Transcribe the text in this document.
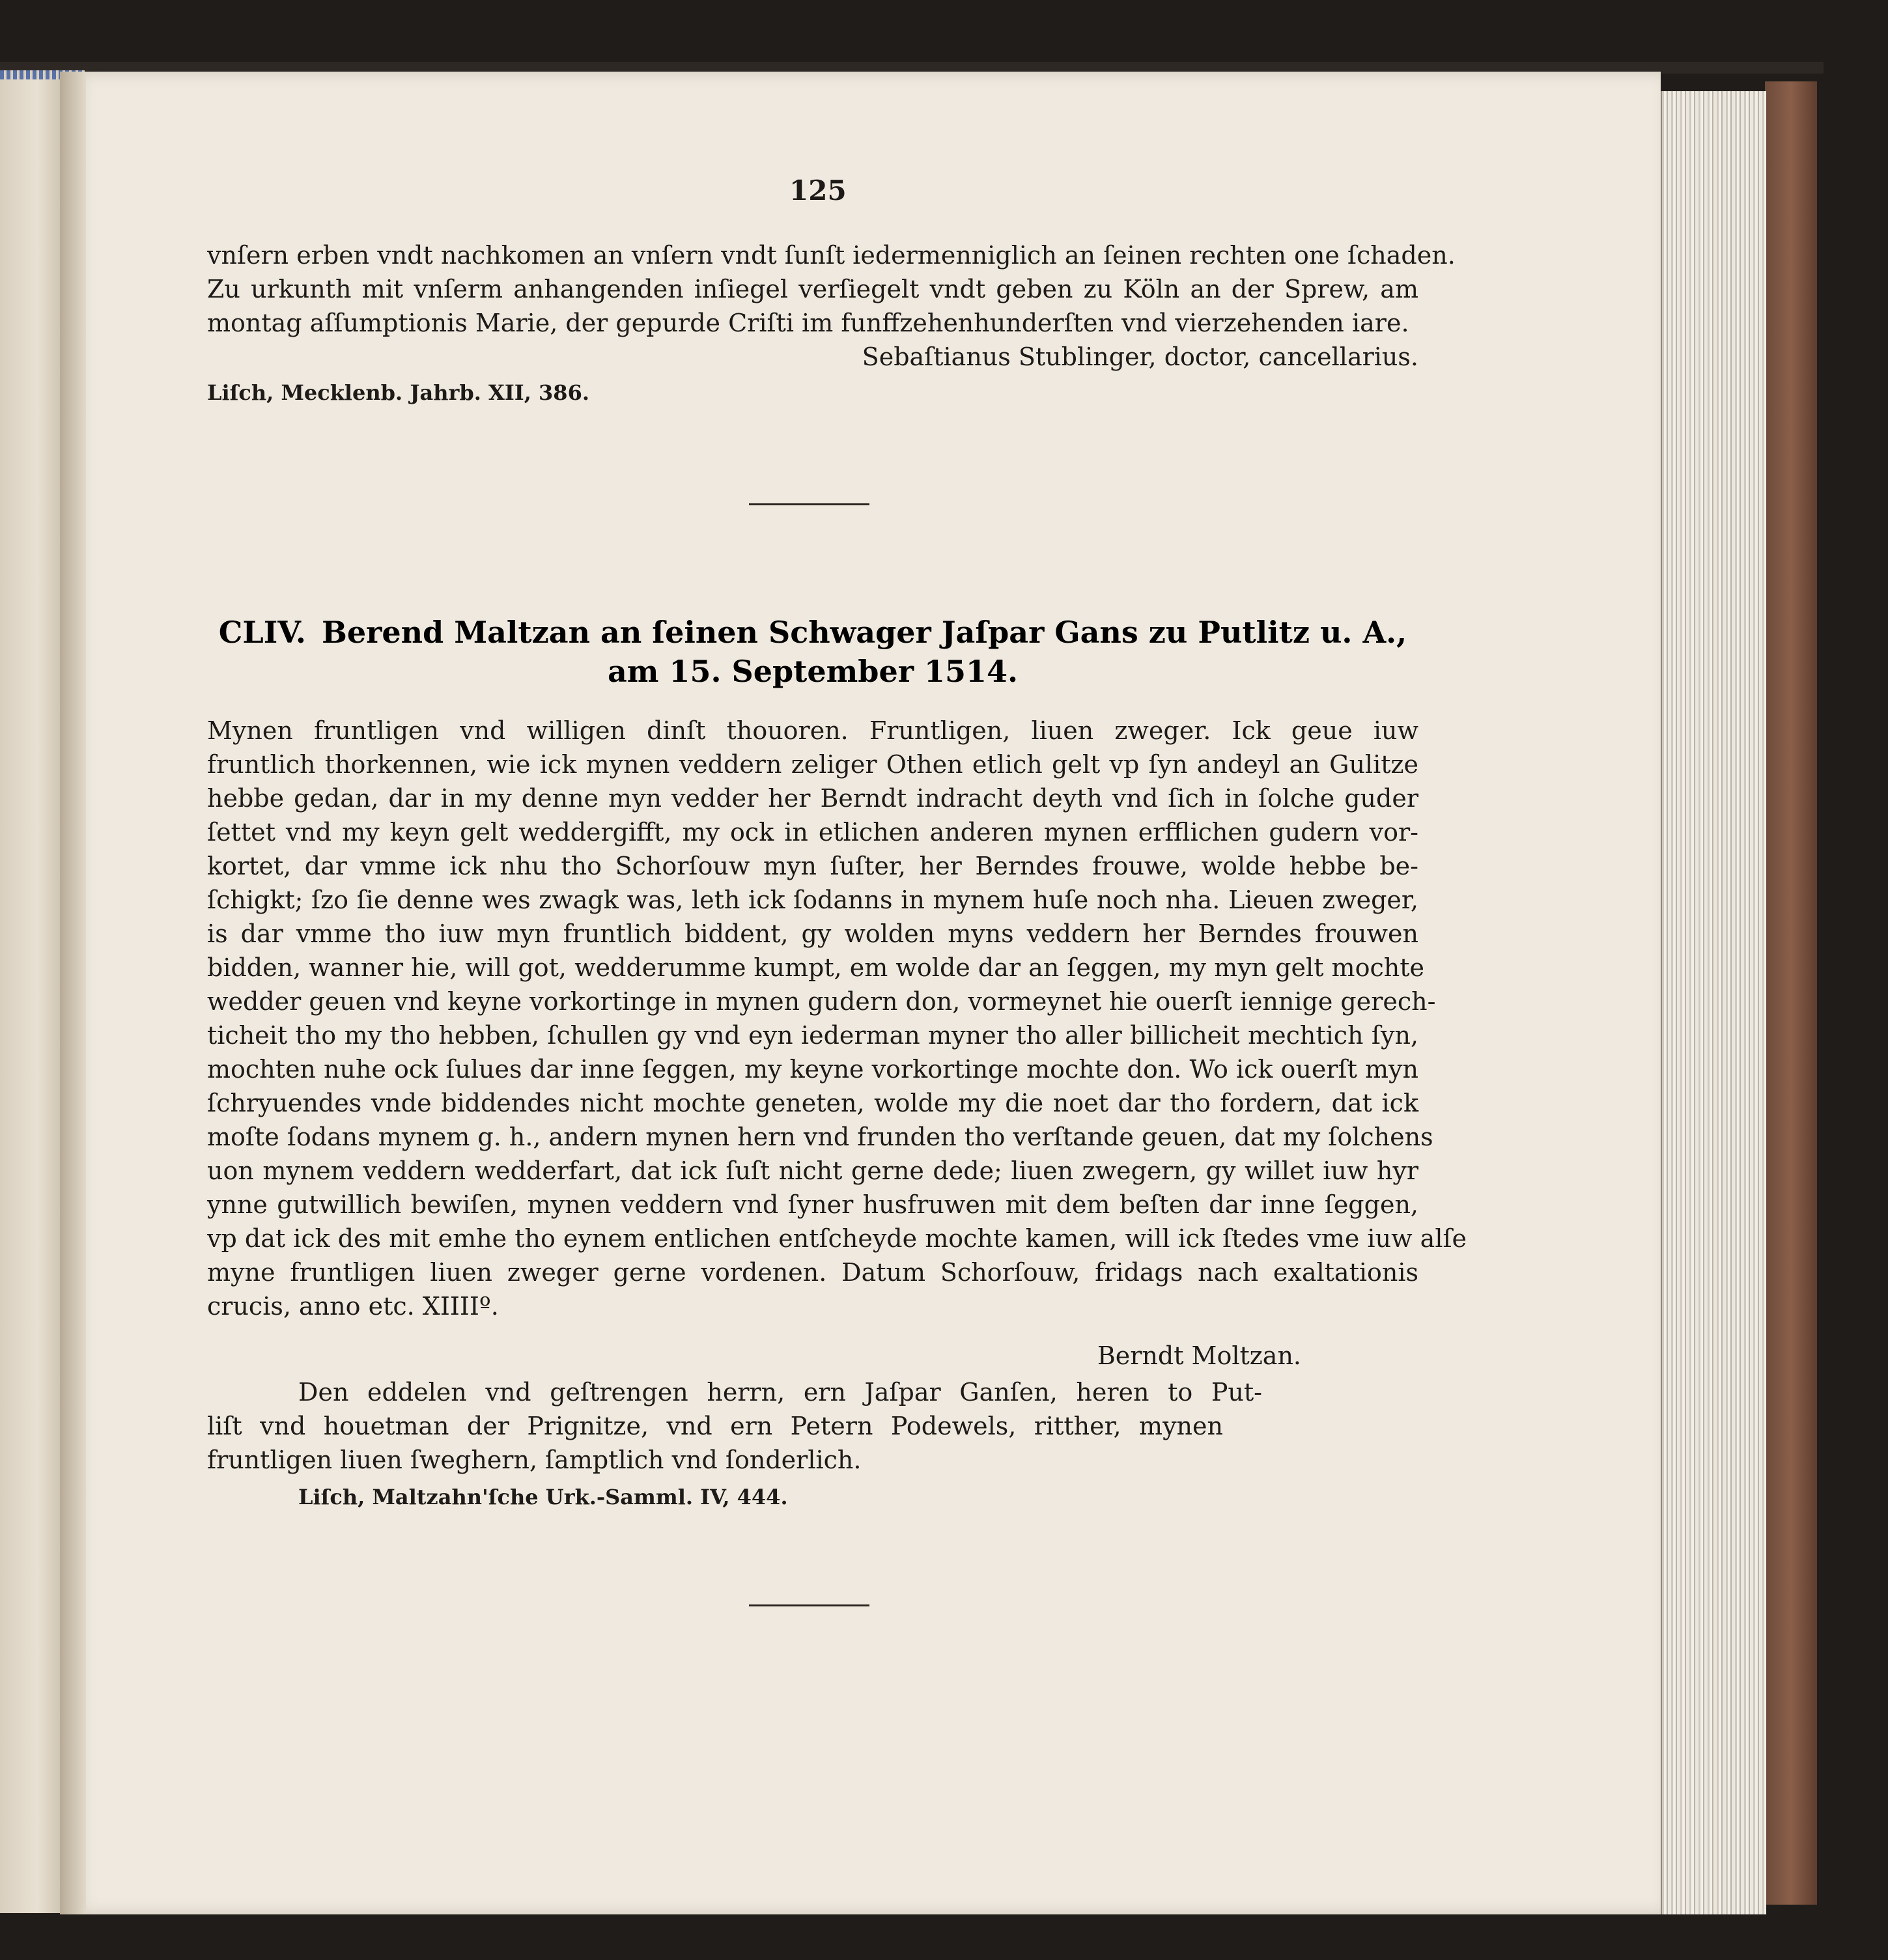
125
vnſern erben vndt nachkomen an vnſern vndt ſunſt iedermenniglich an ſeinen rechten one ſchaden.
Zu urkunth mit vnſerm anhangenden inſiegel verſiegelt vndt geben zu Köln an der Sprew, am
montag aſſumptionis Marie, der gepurde Criſti im funffzehenhunderſten vnd vierzehenden iare.
Sebaſtianus Stublinger, doctor, cancellarius.
Liſch, Mecklenb. Jahrb. XII, 386.
CLIV. Berend Maltzan an ſeinen Schwager Jaſpar Gans zu Putlitz u. A.,
am 15. September 1514.
Mynen fruntligen vnd willigen dinſt thouoren. Fruntligen, liuen zweger. Ick geue iuw
fruntlich thorkennen, wie ick mynen veddern zeliger Othen etlich gelt vp ſyn andeyl an Gulitze
hebbe gedan, dar in my denne myn vedder her Berndt indracht deyth vnd ſich in ſolche guder
ſettet vnd my keyn gelt weddergifft, my ock in etlichen anderen mynen erfflichen gudern vor-
kortet, dar vmme ick nhu tho Schorſouw myn ſuſter, her Berndes frouwe, wolde hebbe be-
ſchigkt; ſzo ſie denne wes zwagk was, leth ick ſodanns in mynem huſe noch nha. Lieuen zweger,
is dar vmme tho iuw myn fruntlich biddent, gy wolden myns veddern her Berndes frouwen
bidden, wanner hie, will got, wedderumme kumpt, em wolde dar an ſeggen, my myn gelt mochte
wedder geuen vnd keyne vorkortinge in mynen gudern don, vormeynet hie ouerſt iennige gerech-
ticheit tho my tho hebben, ſchullen gy vnd eyn iederman myner tho aller billicheit mechtich ſyn,
mochten nuhe ock ſulues dar inne ſeggen, my keyne vorkortinge mochte don. Wo ick ouerſt myn
ſchryuendes vnde biddendes nicht mochte geneten, wolde my die noet dar tho fordern, dat ick
moſte ſodans mynem g. h., andern mynen hern vnd frunden tho verſtande geuen, dat my ſolchens
uon mynem veddern wedderfart, dat ick ſuſt nicht gerne dede; liuen zwegern, gy willet iuw hyr
ynne gutwillich bewiſen, mynen veddern vnd ſyner husfruwen mit dem beſten dar inne ſeggen,
vp dat ick des mit emhe tho eynem entlichen entſcheyde mochte kamen, will ick ſtedes vme iuw alſe
myne fruntligen liuen zweger gerne vordenen. Datum Schorſouw, fridags nach exaltationis
crucis, anno etc. XIIIIº.
Berndt Moltzan.
Den eddelen vnd geſtrengen herrn, ern Jaſpar Ganſen, heren to Put-
liſt vnd houetman der Prignitze, vnd ern Petern Podewels, ritther, mynen
fruntligen liuen ſweghern, ſamptlich vnd ſonderlich.
Liſch, Maltzahn'ſche Urk.-Samml. IV, 444.
